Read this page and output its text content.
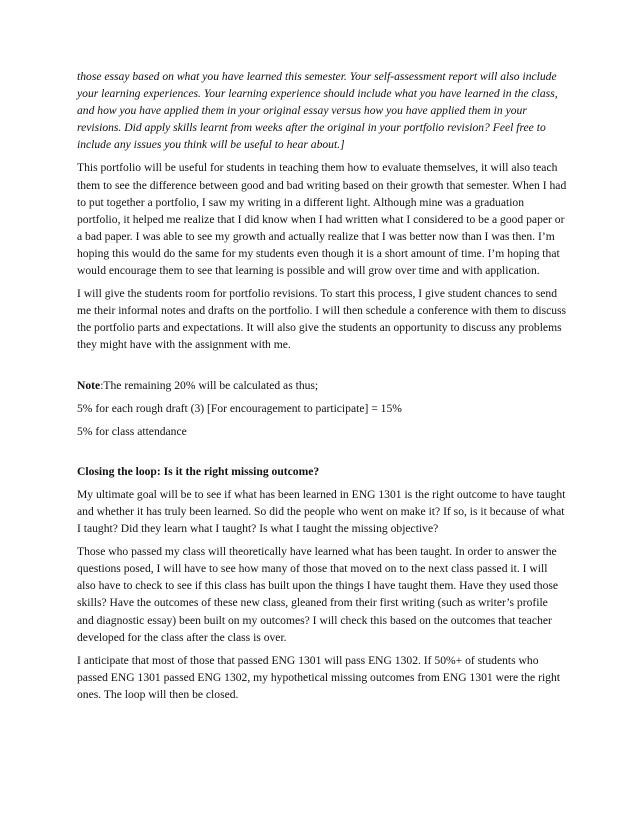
those essay based on what you have learned this semester. Your self-assessment report will also include your learning experiences. Your learning experience should include what you have learned in the class, and how you have applied them in your original essay versus how you have applied them in your revisions. Did apply skills learnt from weeks after the original in your portfolio revision? Feel free to include any issues you think will be useful to hear about.]

This portfolio will be useful for students in teaching them how to evaluate themselves, it will also teach them to see the difference between good and bad writing based on their growth that semester. When I had to put together a portfolio, I saw my writing in a different light. Although mine was a graduation portfolio, it helped me realize that I did know when I had written what I considered to be a good paper or a bad paper. I was able to see my growth and actually realize that I was better now than I was then. I’m hoping this would do the same for my students even though it is a short amount of time. I’m hoping that would encourage them to see that learning is possible and will grow over time and with application.

I will give the students room for portfolio revisions. To start this process, I give student chances to send me their informal notes and drafts on the portfolio. I will then schedule a conference with them to discuss the portfolio parts and expectations. It will also give the students an opportunity to discuss any problems they might have with the assignment with me.

Note:The remaining 20% will be calculated as thus;

5% for each rough draft (3) [For encouragement to participate] = 15%

5% for class attendance

Closing the loop: Is it the right missing outcome?

My ultimate goal will be to see if what has been learned in ENG 1301 is the right outcome to have taught and whether it has truly been learned. So did the people who went on make it? If so, is it because of what I taught? Did they learn what I taught? Is what I taught the missing objective?

Those who passed my class will theoretically have learned what has been taught. In order to answer the questions posed, I will have to see how many of those that moved on to the next class passed it. I will also have to check to see if this class has built upon the things I have taught them. Have they used those skills? Have the outcomes of these new class, gleaned from their first writing (such as writer’s profile and diagnostic essay) been built on my outcomes? I will check this based on the outcomes that teacher developed for the class after the class is over.

I anticipate that most of those that passed ENG 1301 will pass ENG 1302. If 50%+ of students who passed ENG 1301 passed ENG 1302, my hypothetical missing outcomes from ENG 1301 were the right ones. The loop will then be closed.
